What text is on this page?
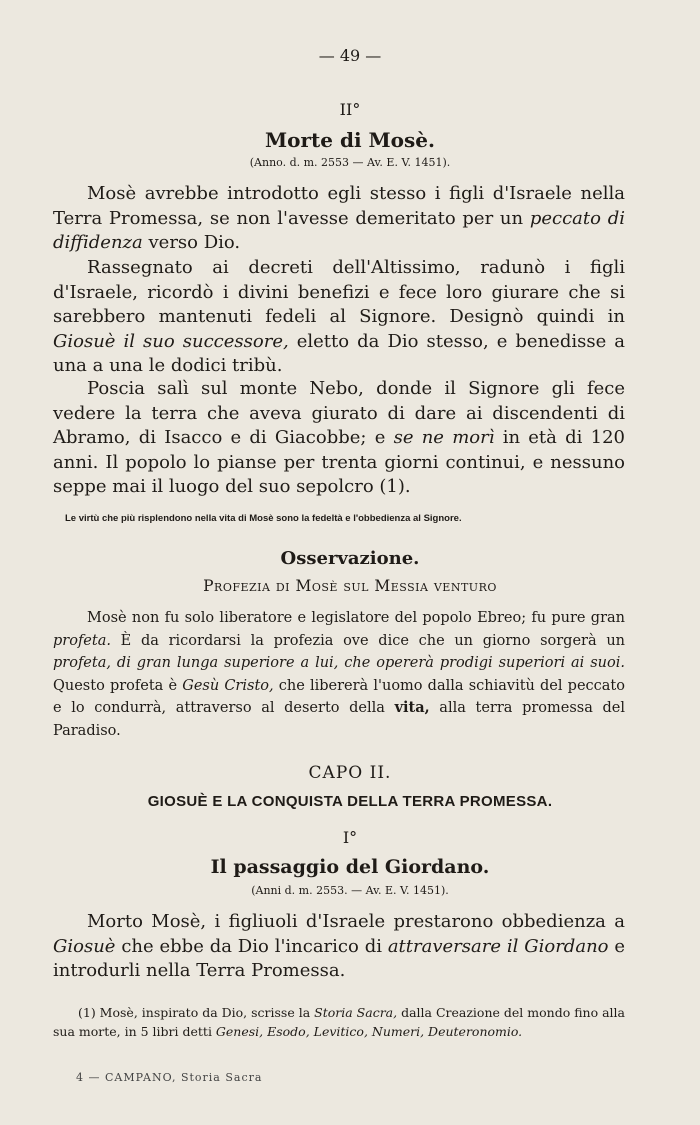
— 49 —
II°
Morte di Mosè.
(Anno. d. m. 2553 — Av. E. V. 1451).

Mosè avrebbe introdotto egli stesso i figli d'Israele nella Terra Promessa, se non l'avesse demeritato per un peccato di diffidenza verso Dio.

Rassegnato ai decreti dell'Altissimo, radunò i figli d'Israele, ricordò i divini benefizi e fece loro giurare che si sarebbero mantenuti fedeli al Signore. Designò quindi in Giosuè il suo successore, eletto da Dio stesso, e benedisse a una a una le dodici tribù.

Poscia salì sul monte Nebo, donde il Signore gli fece vedere la terra che aveva giurato di dare ai discendenti di Abramo, di Isacco e di Giacobbe; e se ne morì in età di 120 anni. Il popolo lo pianse per trenta giorni continui, e nessuno seppe mai il luogo del suo sepolcro (1).

Le virtù che più risplendono nella vita di Mosè sono la fedeltà e l'obbedienza al Signore.

Osservazione.
Profezia di Mosè sul Messia venturo

Mosè non fu solo liberatore e legislatore del popolo Ebreo; fu pure gran profeta. È da ricordarsi la profezia ove dice che un giorno sorgerà un profeta, di gran lunga superiore a lui, che opererà prodigi superiori ai suoi. Questo profeta è Gesù Cristo, che libererà l'uomo dalla schiavitù del peccato e lo condurrà, attraverso al deserto della vita, alla terra promessa del Paradiso.

CAPO II.
GIOSUÈ E LA CONQUISTA DELLA TERRA PROMESSA.
I°
Il passaggio del Giordano.
(Anni d. m. 2553. — Av. E. V. 1451).

Morto Mosè, i figliuoli d'Israele prestarono obbedienza a Giosuè che ebbe da Dio l'incarico di attraversare il Giordano e introdurli nella Terra Promessa.

(1) Mosè, inspirato da Dio, scrisse la Storia Sacra, dalla Creazione del mondo fino alla sua morte, in 5 libri detti Genesi, Esodo, Levitico, Numeri, Deuteronomio.

4 — CAMPANO, Storia Sacra
